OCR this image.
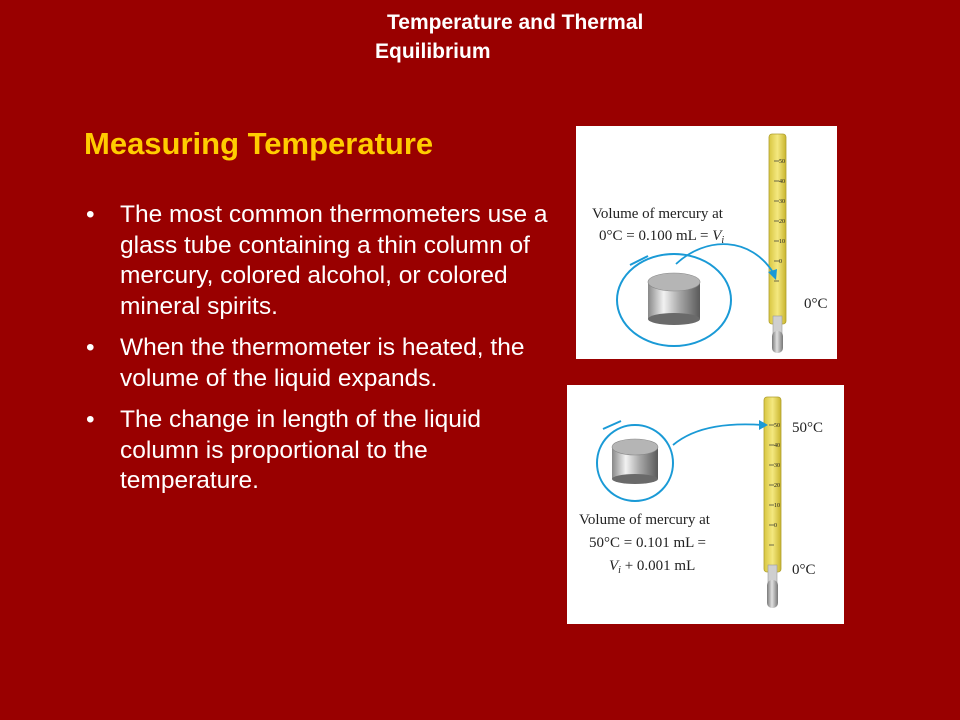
Temperature and Thermal
Equilibrium
Measuring Temperature
• The most common thermometers use a glass tube containing a thin column of mercury, colored alcohol, or colored mineral spirits.
• When the thermometer is heated, the volume of the liquid expands.
• The change in length of the liquid column is proportional to the temperature.
50
40
30
20
10
0
Volume of mercury at
0°C = 0.100 mL = $V_i$
0°C
50
40
30
20
10
0
50°C
0°C
Volume of mercury at
50°C = 0.101 mL =
$V_i + 0.001$ mL
